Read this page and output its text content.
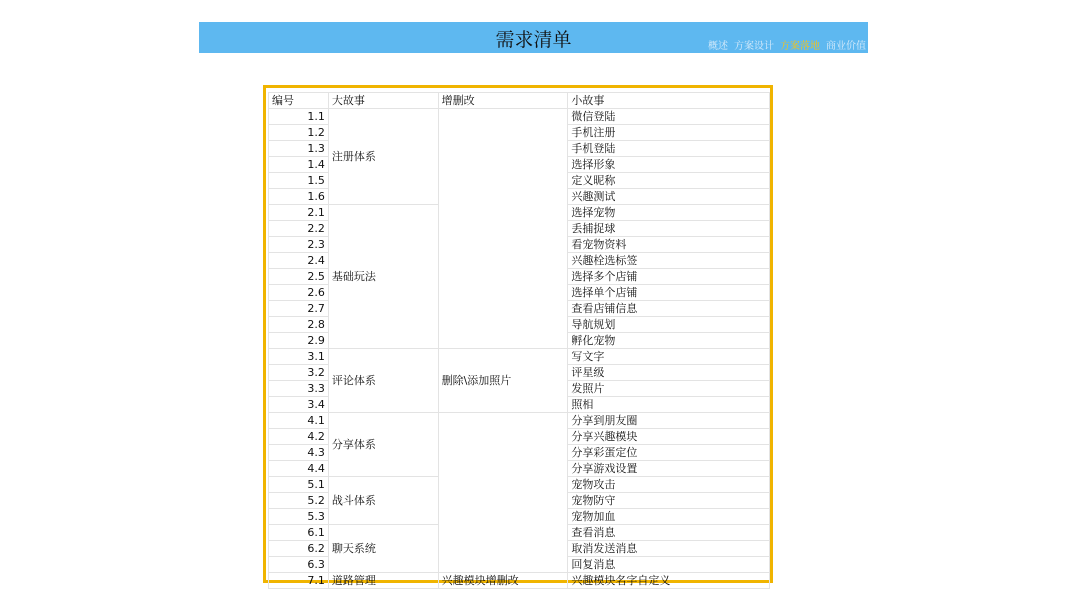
需求清单	概述 方案设计 方案落地 商业价值
编号	大故事	增删改	小故事
1.1	注册体系		微信登陆
1.2			手机注册
1.3			手机登陆
1.4			选择形象
1.5			定义昵称
1.6			兴趣测试
2.1	基础玩法		选择宠物
2.2			丢捕捉球
2.3			看宠物资料
2.4			兴趣栓选标签
2.5			选择多个店铺
2.6			选择单个店铺
2.7			查看店铺信息
2.8			导航规划
2.9			孵化宠物
3.1	评论体系	删除\添加照片	写文字
3.2			评星级
3.3			发照片
3.4			照相
4.1	分享体系		分享到朋友圈
4.2			分享兴趣模块
4.3			分享彩蛋定位
4.4			分享游戏设置
5.1	战斗体系		宠物攻击
5.2			宠物防守
5.3			宠物加血
6.1	聊天系统		查看消息
6.2			取消发送消息
6.3			回复消息
7.1	道路管理	兴趣模块增删改	兴趣模块名字自定义
